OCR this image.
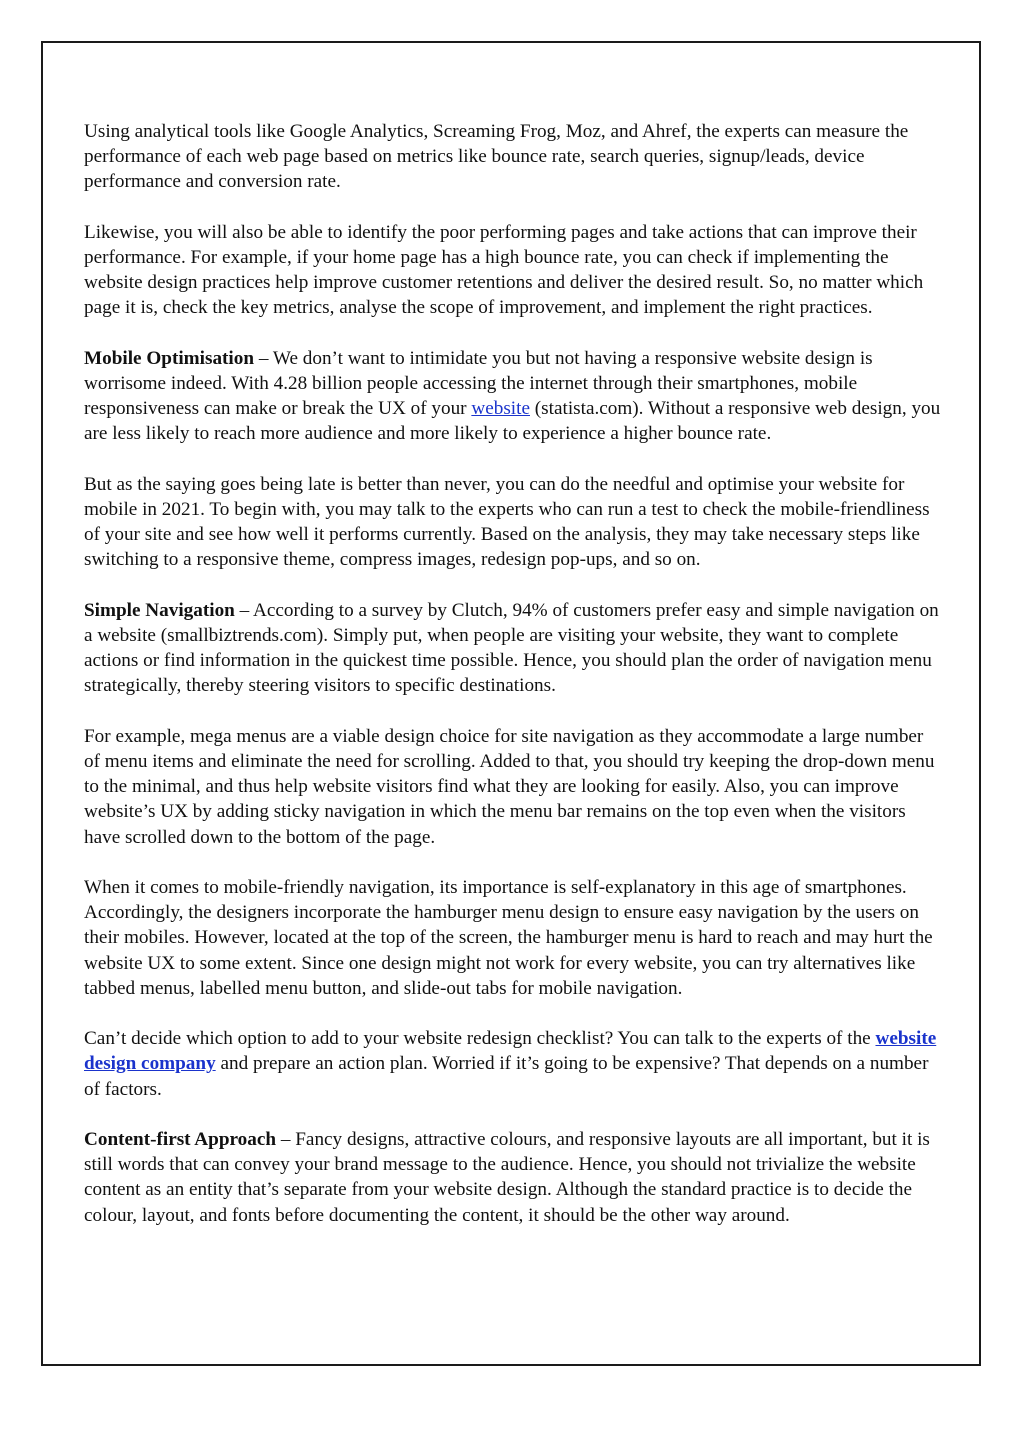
Using analytical tools like Google Analytics, Screaming Frog, Moz, and Ahref, the experts can measure the performance of each web page based on metrics like bounce rate, search queries, signup/leads, device performance and conversion rate.

Likewise, you will also be able to identify the poor performing pages and take actions that can improve their performance. For example, if your home page has a high bounce rate, you can check if implementing the website design practices help improve customer retentions and deliver the desired result. So, no matter which page it is, check the key metrics, analyse the scope of improvement, and implement the right practices.

Mobile Optimisation – We don’t want to intimidate you but not having a responsive website design is worrisome indeed. With 4.28 billion people accessing the internet through their smartphones, mobile responsiveness can make or break the UX of your website (statista.com). Without a responsive web design, you are less likely to reach more audience and more likely to experience a higher bounce rate.

But as the saying goes being late is better than never, you can do the needful and optimise your website for mobile in 2021. To begin with, you may talk to the experts who can run a test to check the mobile-friendliness of your site and see how well it performs currently. Based on the analysis, they may take necessary steps like switching to a responsive theme, compress images, redesign pop-ups, and so on.

Simple Navigation – According to a survey by Clutch, 94% of customers prefer easy and simple navigation on a website (smallbiztrends.com). Simply put, when people are visiting your website, they want to complete actions or find information in the quickest time possible. Hence, you should plan the order of navigation menu strategically, thereby steering visitors to specific destinations.

For example, mega menus are a viable design choice for site navigation as they accommodate a large number of menu items and eliminate the need for scrolling. Added to that, you should try keeping the drop-down menu to the minimal, and thus help website visitors find what they are looking for easily. Also, you can improve website’s UX by adding sticky navigation in which the menu bar remains on the top even when the visitors have scrolled down to the bottom of the page.

When it comes to mobile-friendly navigation, its importance is self-explanatory in this age of smartphones. Accordingly, the designers incorporate the hamburger menu design to ensure easy navigation by the users on their mobiles. However, located at the top of the screen, the hamburger menu is hard to reach and may hurt the website UX to some extent. Since one design might not work for every website, you can try alternatives like tabbed menus, labelled menu button, and slide-out tabs for mobile navigation.

Can’t decide which option to add to your website redesign checklist? You can talk to the experts of the website design company and prepare an action plan. Worried if it’s going to be expensive? That depends on a number of factors.

Content-first Approach – Fancy designs, attractive colours, and responsive layouts are all important, but it is still words that can convey your brand message to the audience. Hence, you should not trivialize the website content as an entity that’s separate from your website design. Although the standard practice is to decide the colour, layout, and fonts before documenting the content, it should be the other way around.
